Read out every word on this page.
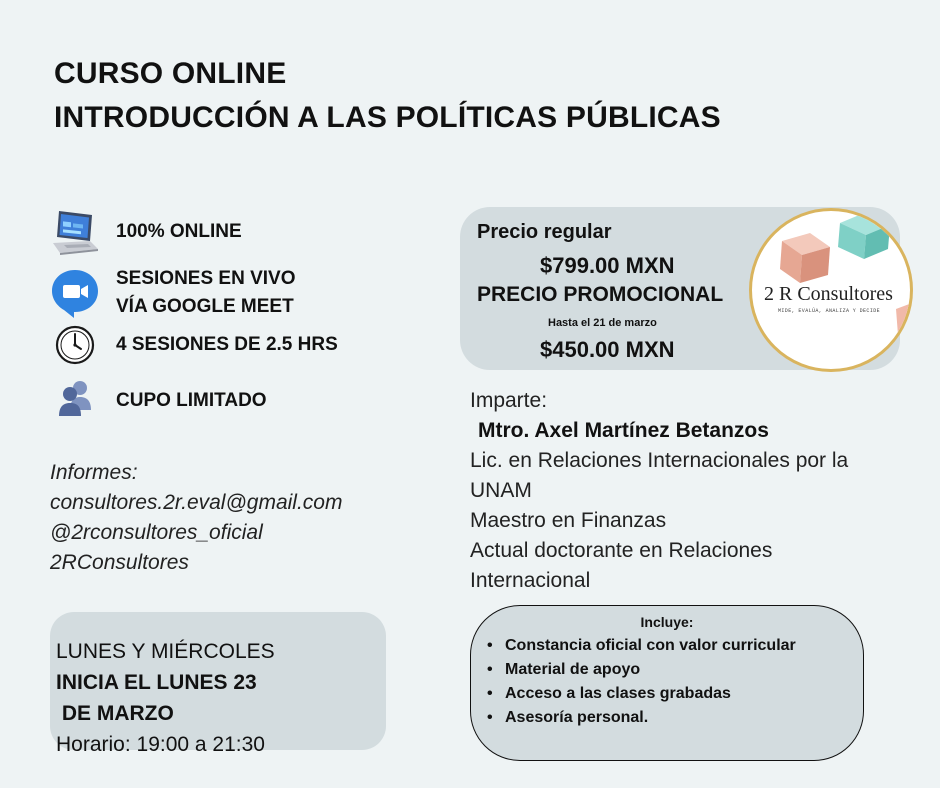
CURSO ONLINE
INTRODUCCIÓN A LAS POLÍTICAS PÚBLICAS
100% ONLINE
SESIONES EN VIVO
VÍA GOOGLE MEET
4 SESIONES DE 2.5 HRS
CUPO LIMITADO
Informes:
consultores.2r.eval@gmail.com
@2rconsultores_oficial
2RConsultores
LUNES Y MIÉRCOLES
INICIA EL LUNES 23
DE MARZO
Horario: 19:00 a 21:30
Precio regular
$799.00 MXN
PRECIO PROMOCIONAL
Hasta el 21 de marzo
$450.00 MXN
2 R Consultores
MIDE, EVALÚA, ANALIZA Y DECIDE
Imparte:
Mtro. Axel Martínez Betanzos
Lic. en Relaciones Internacionales por la
UNAM
Maestro en Finanzas
Actual doctorante en Relaciones
Internacional
Incluye:
• Constancia oficial con valor curricular
• Material de apoyo
• Acceso a las clases grabadas
• Asesoría personal.
